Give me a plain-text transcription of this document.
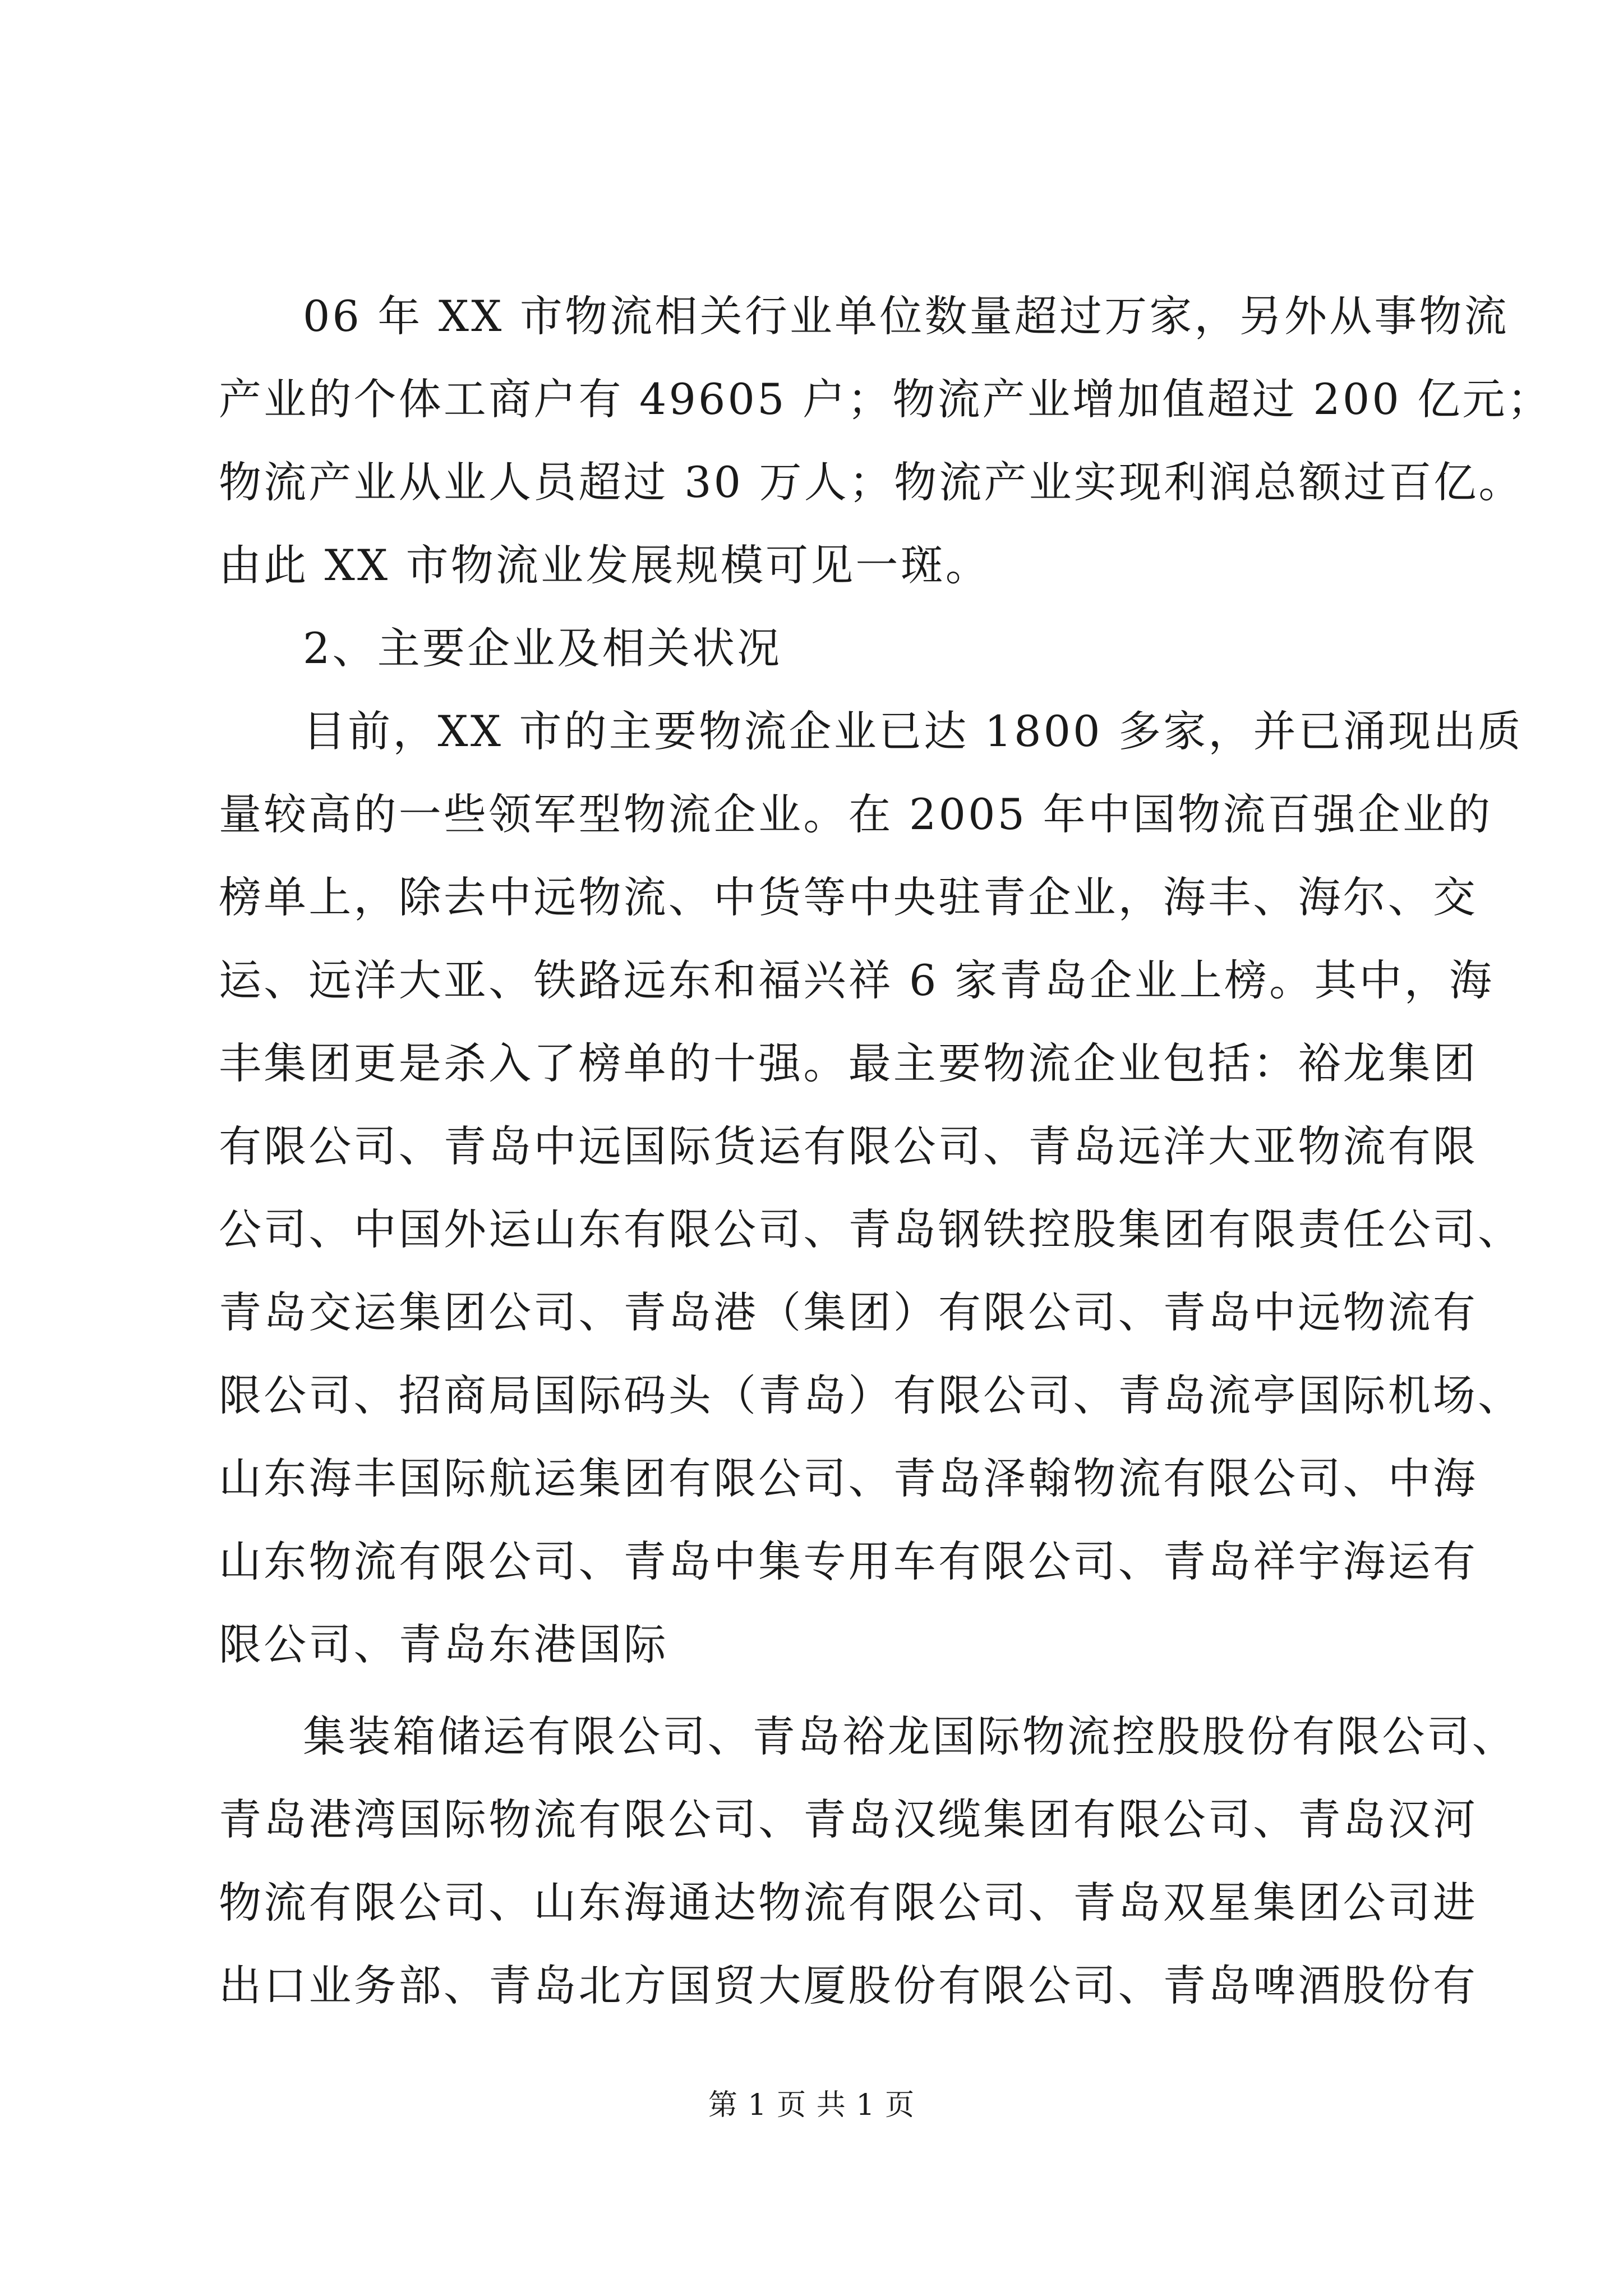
06 年 XX 市物流相关行业单位数量超过万家，另外从事物流
产业的个体工商户有 49605 户；物流产业增加值超过 200 亿元；
物流产业从业人员超过 30 万人；物流产业实现利润总额过百亿。
由此 XX 市物流业发展规模可见一斑。
2、主要企业及相关状况
目前，XX 市的主要物流企业已达 1800 多家，并已涌现出质
量较高的一些领军型物流企业。在 2005 年中国物流百强企业的
榜单上，除去中远物流、中货等中央驻青企业，海丰、海尔、交
运、远洋大亚、铁路远东和福兴祥 6 家青岛企业上榜。其中，海
丰集团更是杀入了榜单的十强。最主要物流企业包括：裕龙集团
有限公司、青岛中远国际货运有限公司、青岛远洋大亚物流有限
公司、中国外运山东有限公司、青岛钢铁控股集团有限责任公司、
青岛交运集团公司、青岛港（集团）有限公司、青岛中远物流有
限公司、招商局国际码头（青岛）有限公司、青岛流亭国际机场、
山东海丰国际航运集团有限公司、青岛泽翰物流有限公司、中海
山东物流有限公司、青岛中集专用车有限公司、青岛祥宇海运有
限公司、青岛东港国际
集装箱储运有限公司、青岛裕龙国际物流控股股份有限公司、
青岛港湾国际物流有限公司、青岛汉缆集团有限公司、青岛汉河
物流有限公司、山东海通达物流有限公司、青岛双星集团公司进
出口业务部、青岛北方国贸大厦股份有限公司、青岛啤酒股份有
第 1 页 共 1 页
